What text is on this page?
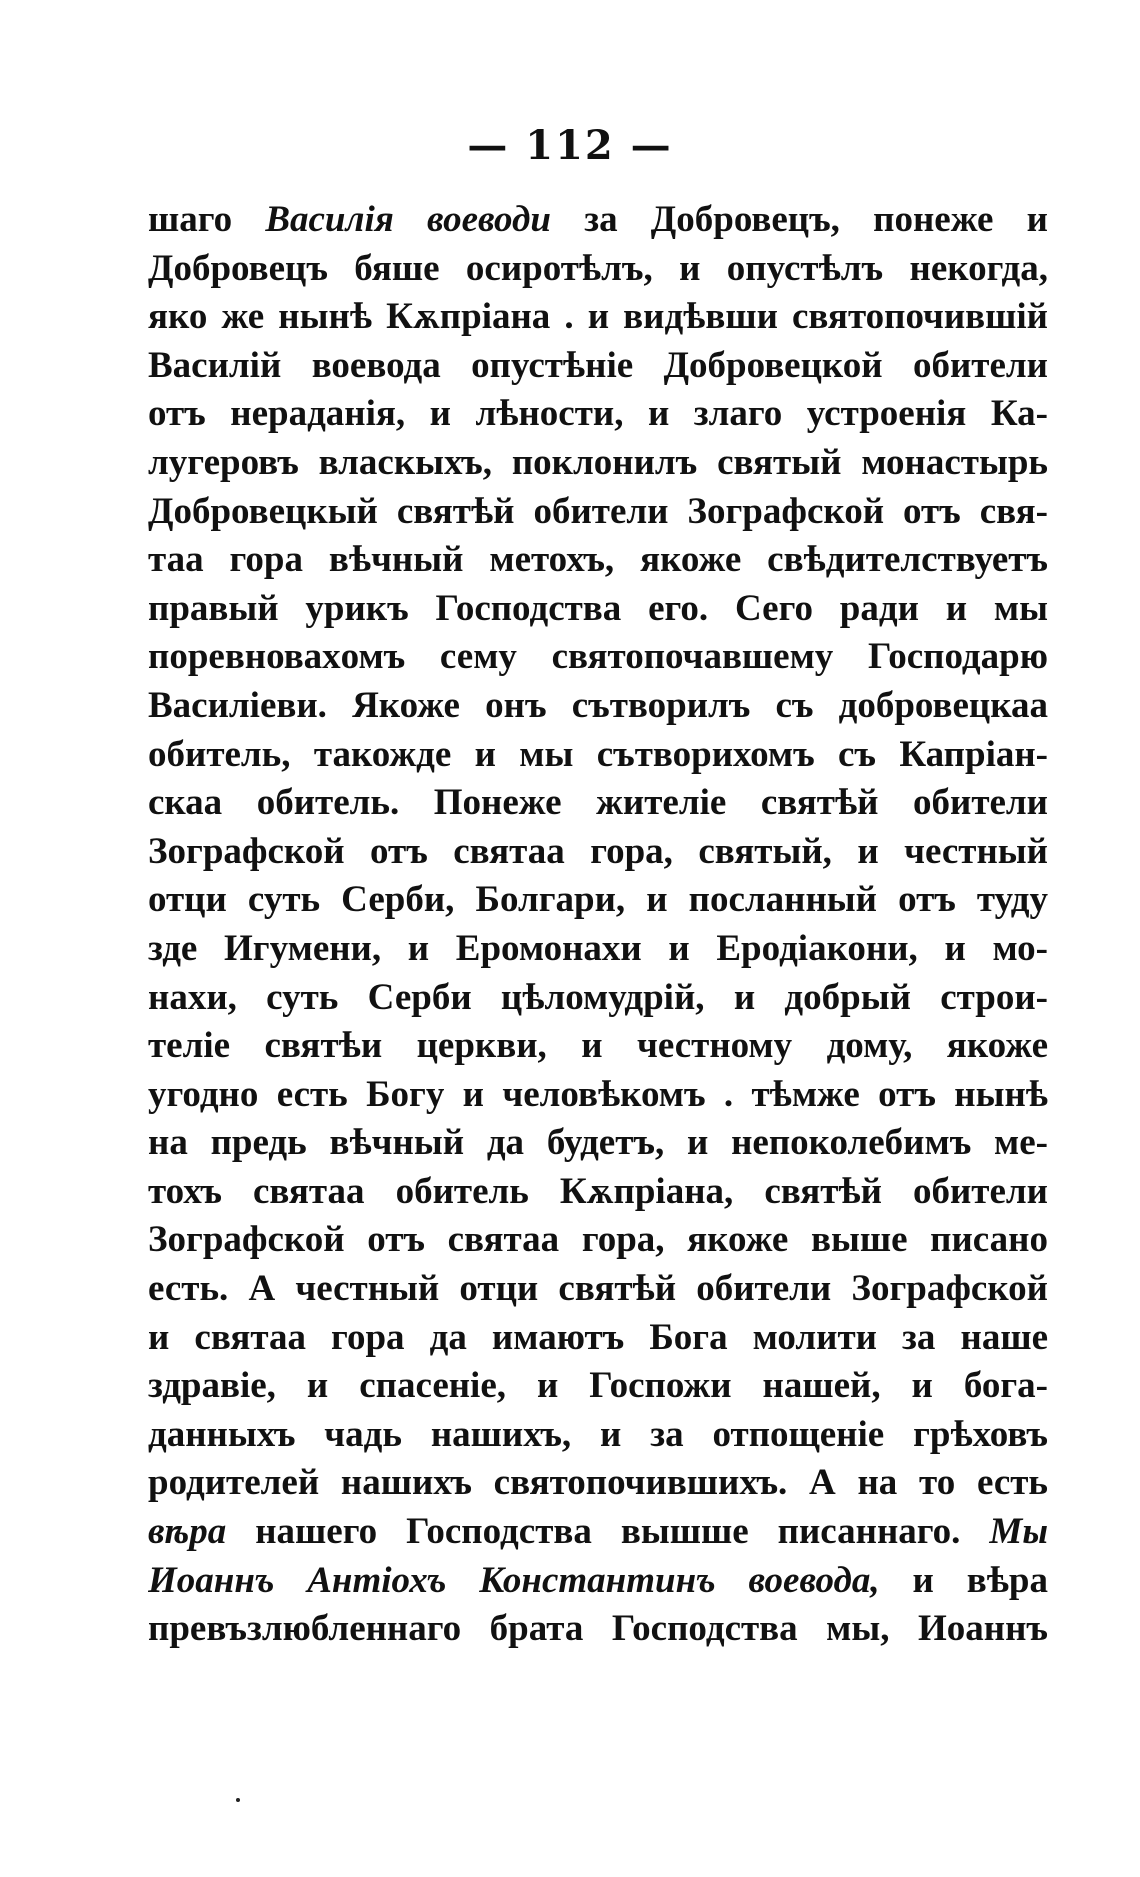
— 112 —
шаго Василія воеводи за Добровецъ, понеже и
Добровецъ бяше осиротѣлъ, и опустѣлъ некогда,
яко же нынѣ Кѫпріана . и видѣвши святопочившій
Василій воевода опустѣніе Добровецкой обители
отъ нераданія, и лѣности, и злаго устроенія Ка-
лугеровъ власкыхъ, поклонилъ святый монастырь
Добровецкый святѣй обители Зографской отъ свя-
таа гора вѣчный метохъ, якоже свѣдителствуетъ
правый урикъ Господства его. Сего ради и мы
поревноваxомъ сему святопочавшему Господарю
Василіеви. Якоже онъ сътворилъ съ добровецкаа
обитель, такожде и мы сътворихомъ съ Капріан-
скаа обитель. Понеже жителіе святѣй обители
Зографской отъ святаа гора, святый, и честный
отци суть Серби, Болгари, и посланный отъ туду
зде Игумени, и Еромонахи и Еродіакони, и мо-
нахи, суть Серби цѣломудрій, и добрый строи-
теліе святѣи церкви, и честному дому, якоже
угодно есть Богу и человѣкомъ . тѣмже отъ нынѣ
на предь вѣчный да будетъ, и непоколебимъ ме-
тохъ святаа обитель Кѫпріана, святѣй обители
Зографской отъ святаа гора, якоже выше писано
есть. А честный отци святѣй обители Зографской
и святаа гора да имаютъ Бога молити за наше
здравіе, и спасеніе, и Госпожи нашей, и бога-
данныхъ чадь нашихъ, и за отпощеніе грѣховъ
родителей нашихъ святопочившихъ. А на то есть
вѣра нашего Господства вышше писаннаго. Мы
Иоаннъ Антіохъ Константинъ воевода, и вѣра
превъзлюбленнаго брата Господства мы, Иоаннъ
